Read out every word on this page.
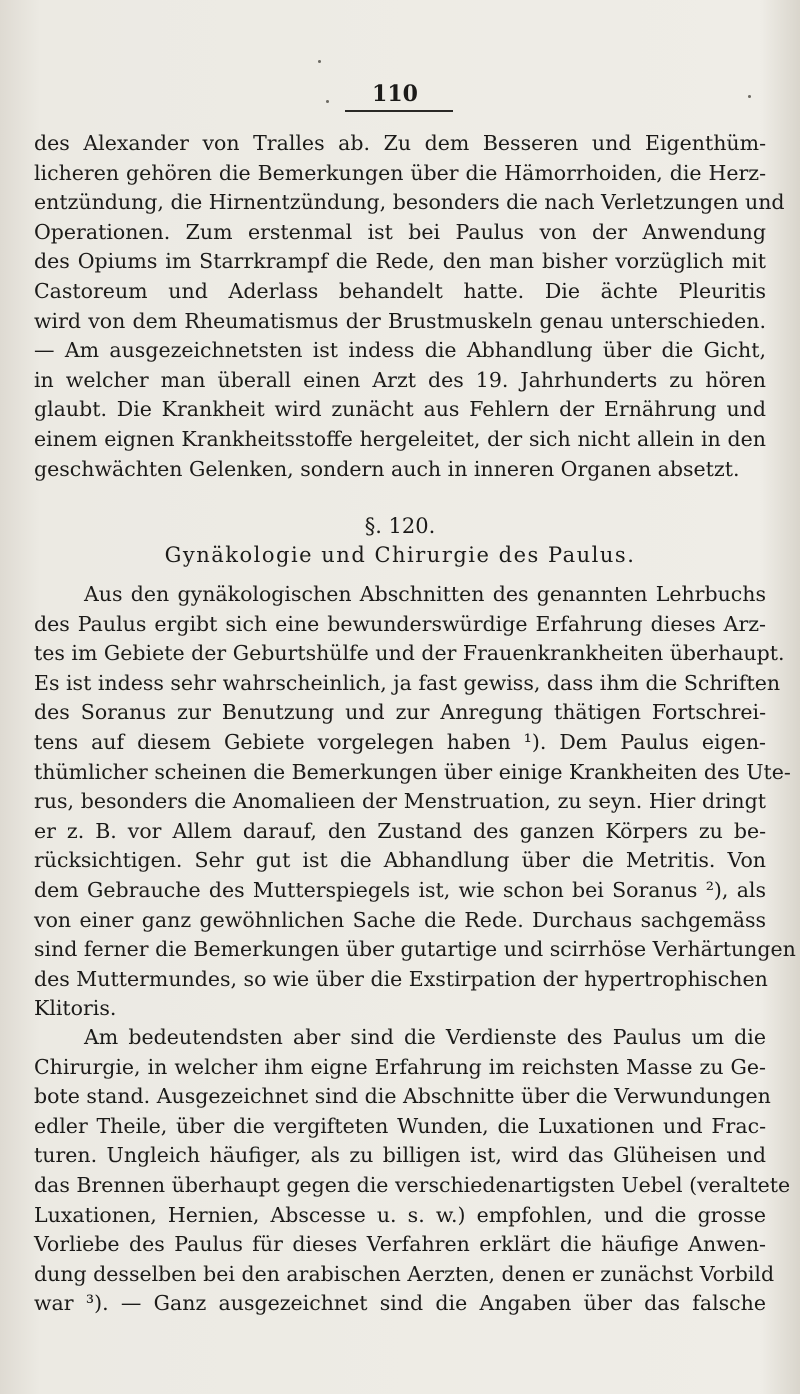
110
des Alexander von Tralles ab. Zu dem Besseren und Eigenthüm-
licheren gehören die Bemerkungen über die Hämorrhoiden, die Herz-
entzündung, die Hirnentzündung, besonders die nach Verletzungen und
Operationen. Zum erstenmal ist bei Paulus von der Anwendung
des Opiums im Starrkrampf die Rede, den man bisher vorzüglich mit
Castoreum und Aderlass behandelt hatte. Die ächte Pleuritis
wird von dem Rheumatismus der Brustmuskeln genau unterschieden.
— Am ausgezeichnetsten ist indess die Abhandlung über die Gicht,
in welcher man überall einen Arzt des 19. Jahrhunderts zu hören
glaubt. Die Krankheit wird zunächt aus Fehlern der Ernährung und
einem eignen Krankheitsstoffe hergeleitet, der sich nicht allein in den
geschwächten Gelenken, sondern auch in inneren Organen absetzt.
§. 120.
Gynäkologie und Chirurgie des Paulus.
Aus den gynäkologischen Abschnitten des genannten Lehrbuchs
des Paulus ergibt sich eine bewunderswürdige Erfahrung dieses Arz-
tes im Gebiete der Geburtshülfe und der Frauenkrankheiten überhaupt.
Es ist indess sehr wahrscheinlich, ja fast gewiss, dass ihm die Schriften
des Soranus zur Benutzung und zur Anregung thätigen Fortschrei-
tens auf diesem Gebiete vorgelegen haben ¹). Dem Paulus eigen-
thümlicher scheinen die Bemerkungen über einige Krankheiten des Ute-
rus, besonders die Anomalieen der Menstruation, zu seyn. Hier dringt
er z. B. vor Allem darauf, den Zustand des ganzen Körpers zu be-
rücksichtigen. Sehr gut ist die Abhandlung über die Metritis. Von
dem Gebrauche des Mutterspiegels ist, wie schon bei Soranus ²), als
von einer ganz gewöhnlichen Sache die Rede. Durchaus sachgemäss
sind ferner die Bemerkungen über gutartige und scirrhöse Verhärtungen
des Muttermundes, so wie über die Exstirpation der hypertrophischen
Klitoris.
Am bedeutendsten aber sind die Verdienste des Paulus um die
Chirurgie, in welcher ihm eigne Erfahrung im reichsten Masse zu Ge-
bote stand. Ausgezeichnet sind die Abschnitte über die Verwundungen
edler Theile, über die vergifteten Wunden, die Luxationen und Frac-
turen. Ungleich häufiger, als zu billigen ist, wird das Glüheisen und
das Brennen überhaupt gegen die verschiedenartigsten Uebel (veraltete
Luxationen, Hernien, Abscesse u. s. w.) empfohlen, und die grosse
Vorliebe des Paulus für dieses Verfahren erklärt die häufige Anwen-
dung desselben bei den arabischen Aerzten, denen er zunächst Vorbild
war ³). — Ganz ausgezeichnet sind die Angaben über das falsche
